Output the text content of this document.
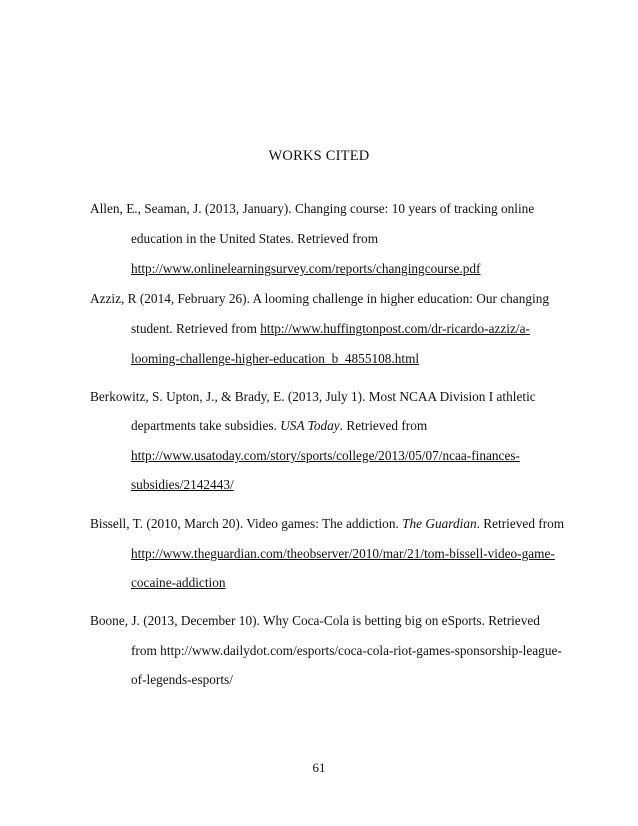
WORKS CITED
Allen, E., Seaman, J. (2013, January). Changing course: 10 years of tracking online
education in the United States. Retrieved from
http://www.onlinelearningsurvey.com/reports/changingcourse.pdf
Azziz, R (2014, February 26). A looming challenge in higher education: Our changing
student. Retrieved from http://www.huffingtonpost.com/dr-ricardo-azziz/a-
looming-challenge-higher-education_b_4855108.html
Berkowitz, S. Upton, J., & Brady, E. (2013, July 1). Most NCAA Division I athletic
departments take subsidies. USA Today. Retrieved from
http://www.usatoday.com/story/sports/college/2013/05/07/ncaa-finances-
subsidies/2142443/
Bissell, T. (2010, March 20). Video games: The addiction. The Guardian. Retrieved from
http://www.theguardian.com/theobserver/2010/mar/21/tom-bissell-video-game-
cocaine-addiction
Boone, J. (2013, December 10). Why Coca-Cola is betting big on eSports. Retrieved
from http://www.dailydot.com/esports/coca-cola-riot-games-sponsorship-league-
of-legends-esports/
61
